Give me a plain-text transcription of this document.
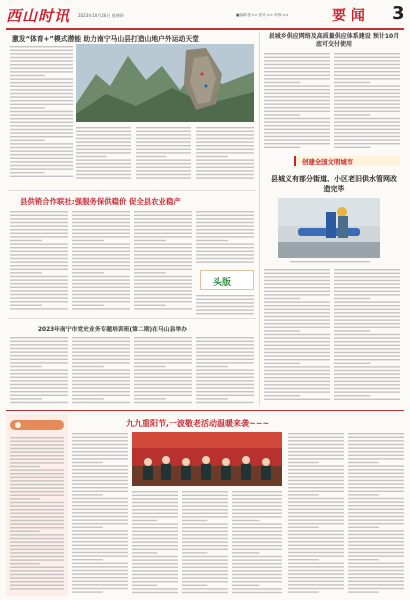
西山时讯 2023年10月26日 星期四	■编辑:张×× 校对:×× 审核:××	要 闻 3
激发“体育+”模式潜能 助力南宁马山县打造山地户外运动天堂	县城乡供应网络及高质量供应体系建设 预计10月底可交付使用
创建全国文明城市
县城义有部分街道、小区老旧供水管网改造完毕
县供销合作联社:强服务保供稳价 促全县农业稳产
头版
2023年南宁市党史业务专题培训班(第二期)在马山县举办
九九重阳节,一波敬老活动温暖来袭~~~
